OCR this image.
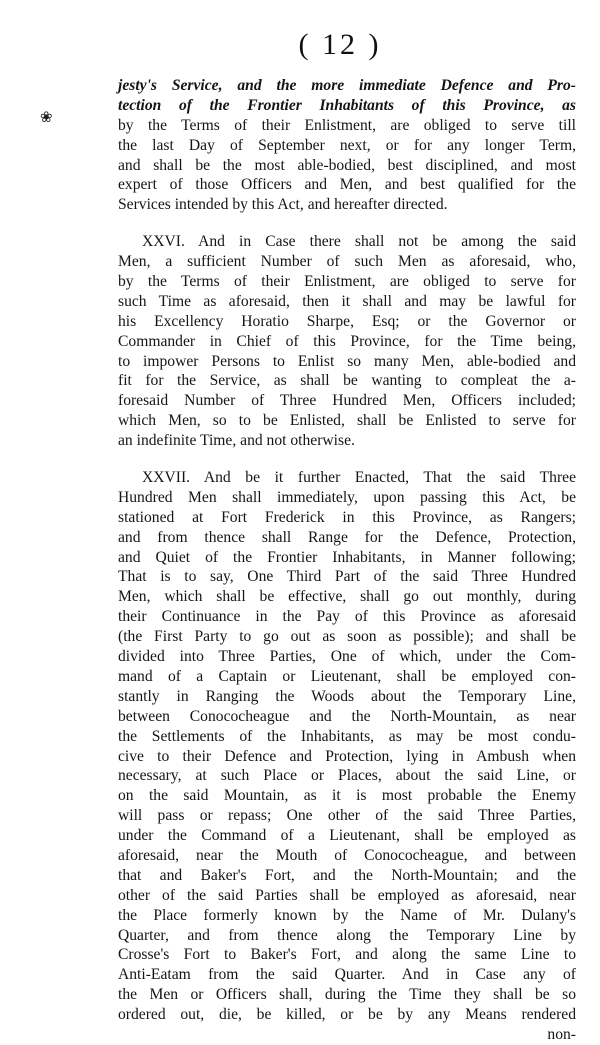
( 12 )
❀
jesty's Service, and the more immediate Defence and Pro-
tection of the Frontier Inhabitants of this Province, as
by the Terms of their Enlistment, are obliged to serve till
the last Day of September next, or for any longer Term,
and shall be the most able-bodied, best disciplined, and most
expert of those Officers and Men, and best qualified for the
Services intended by this Act, and hereafter directed.
XXVI. And in Case there shall not be among the said
Men, a sufficient Number of such Men as aforesaid, who,
by the Terms of their Enlistment, are obliged to serve for
such Time as aforesaid, then it shall and may be lawful for
his Excellency Horatio Sharpe, Esq; or the Governor or
Commander in Chief of this Province, for the Time being,
to impower Persons to Enlist so many Men, able-bodied and
fit for the Service, as shall be wanting to compleat the a-
foresaid Number of Three Hundred Men, Officers included;
which Men, so to be Enlisted, shall be Enlisted to serve for
an indefinite Time, and not otherwise.
XXVII. And be it further Enacted, That the said Three
Hundred Men shall immediately, upon passing this Act, be
stationed at Fort Frederick in this Province, as Rangers;
and from thence shall Range for the Defence, Protection,
and Quiet of the Frontier Inhabitants, in Manner following;
That is to say, One Third Part of the said Three Hundred
Men, which shall be effective, shall go out monthly, during
their Continuance in the Pay of this Province as aforesaid
(the First Party to go out as soon as possible); and shall be
divided into Three Parties, One of which, under the Com-
mand of a Captain or Lieutenant, shall be employed con-
stantly in Ranging the Woods about the Temporary Line,
between Conococheague and the North-Mountain, as near
the Settlements of the Inhabitants, as may be most condu-
cive to their Defence and Protection, lying in Ambush when
necessary, at such Place or Places, about the said Line, or
on the said Mountain, as it is most probable the Enemy
will pass or repass; One other of the said Three Parties,
under the Command of a Lieutenant, shall be employed as
aforesaid, near the Mouth of Conococheague, and between
that and Baker's Fort, and the North-Mountain; and the
other of the said Parties shall be employed as aforesaid, near
the Place formerly known by the Name of Mr. Dulany's
Quarter, and from thence along the Temporary Line by
Crosse's Fort to Baker's Fort, and along the same Line to
Anti-Eatam from the said Quarter. And in Case any of
the Men or Officers shall, during the Time they shall be so
ordered out, die, be killed, or be by any Means rendered
non-
